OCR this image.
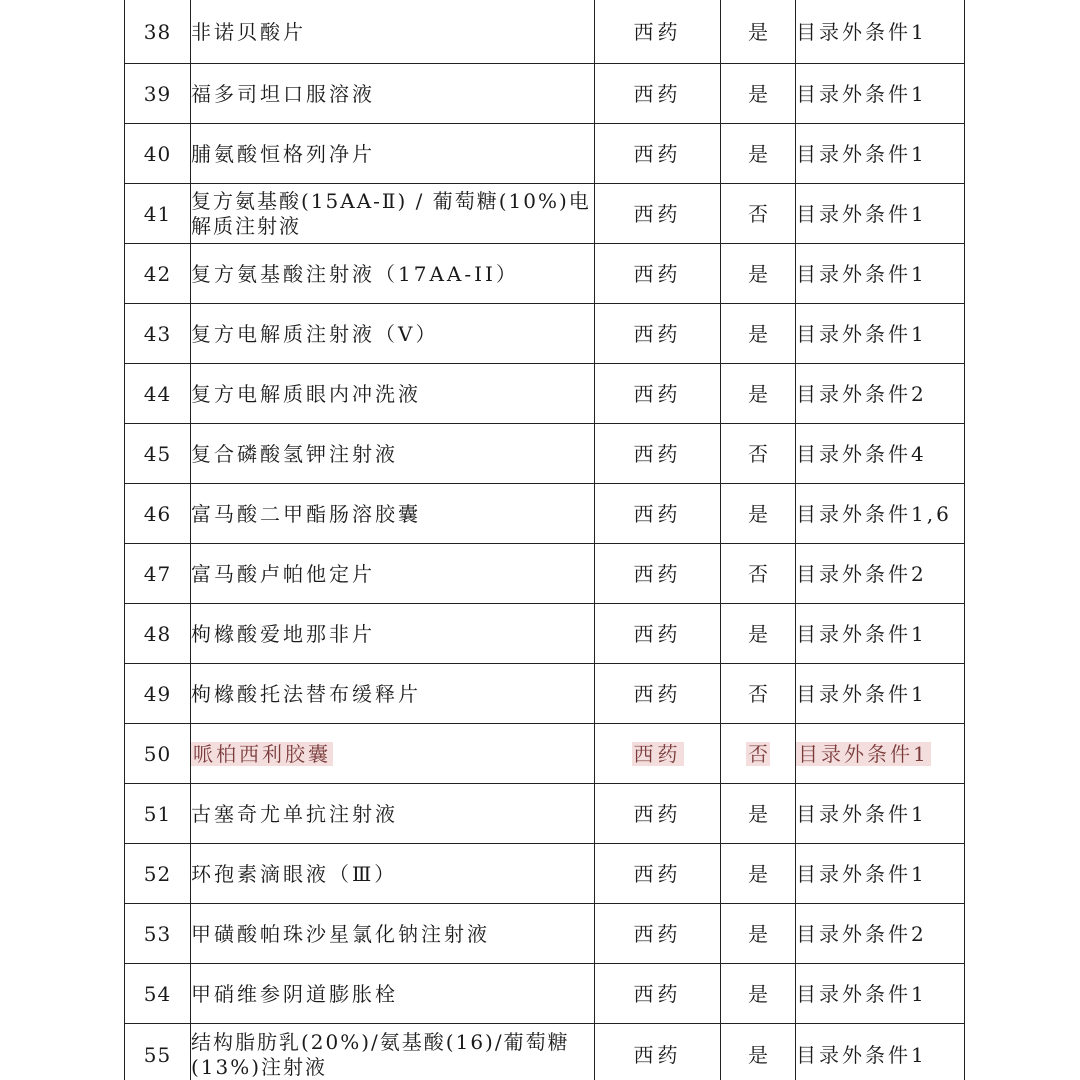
38	非诺贝酸片	西药	是	目录外条件1
39	福多司坦口服溶液	西药	是	目录外条件1
40	脯氨酸恒格列净片	西药	是	目录外条件1
41	复方氨基酸(15AA-Ⅱ) / 葡萄糖(10%)电解质注射液	西药	否	目录外条件1
42	复方氨基酸注射液（17AA-II）	西药	是	目录外条件1
43	复方电解质注射液（Ⅴ）	西药	是	目录外条件1
44	复方电解质眼内冲洗液	西药	是	目录外条件2
45	复合磷酸氢钾注射液	西药	否	目录外条件4
46	富马酸二甲酯肠溶胶囊	西药	是	目录外条件1,6
47	富马酸卢帕他定片	西药	否	目录外条件2
48	枸橼酸爱地那非片	西药	是	目录外条件1
49	枸橼酸托法替布缓释片	西药	否	目录外条件1
50	哌柏西利胶囊	西药	否	目录外条件1
51	古塞奇尤单抗注射液	西药	是	目录外条件1
52	环孢素滴眼液（Ⅲ）	西药	是	目录外条件1
53	甲磺酸帕珠沙星氯化钠注射液	西药	是	目录外条件2
54	甲硝维参阴道膨胀栓	西药	是	目录外条件1
55	结构脂肪乳(20%)/氨基酸(16)/葡萄糖(13%)注射液	西药	是	目录外条件1
